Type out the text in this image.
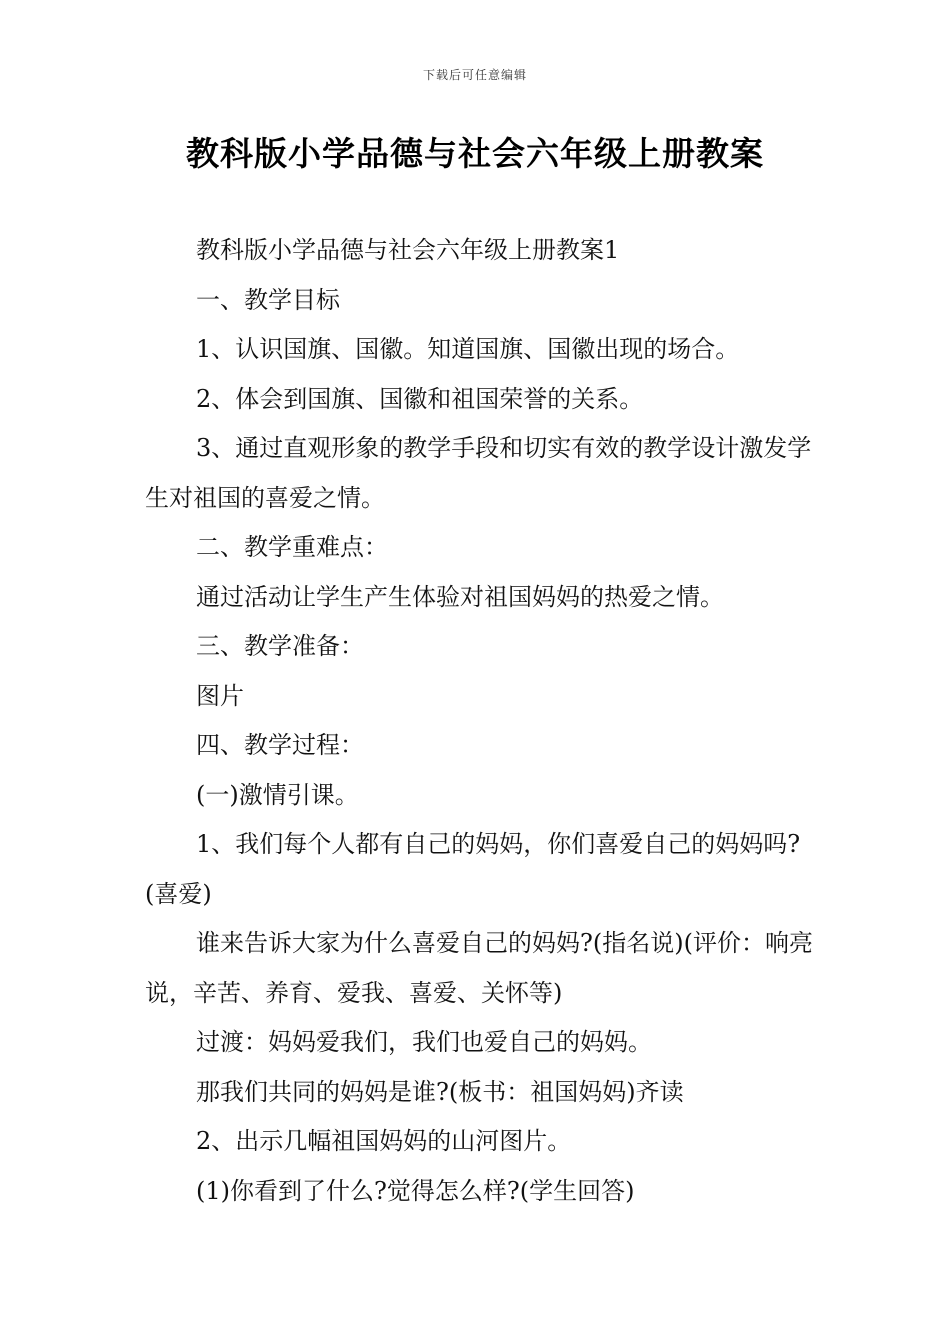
下载后可任意编辑
教科版小学品德与社会六年级上册教案

教科版小学品德与社会六年级上册教案1

一、教学目标

1、认识国旗、国徽。知道国旗、国徽出现的场合。

2、体会到国旗、国徽和祖国荣誉的关系。

3、通过直观形象的教学手段和切实有效的教学设计激发学生对祖国的喜爱之情。

二、教学重难点：

通过活动让学生产生体验对祖国妈妈的热爱之情。

三、教学准备：

图片

四、教学过程：

(一)激情引课。

1、我们每个人都有自己的妈妈，你们喜爱自己的妈妈吗?(喜爱)

谁来告诉大家为什么喜爱自己的妈妈?(指名说)(评价：响亮说，辛苦、养育、爱我、喜爱、关怀等)

过渡：妈妈爱我们，我们也爱自己的妈妈。

那我们共同的妈妈是谁?(板书：祖国妈妈)齐读

2、出示几幅祖国妈妈的山河图片。

(1)你看到了什么?觉得怎么样?(学生回答)
